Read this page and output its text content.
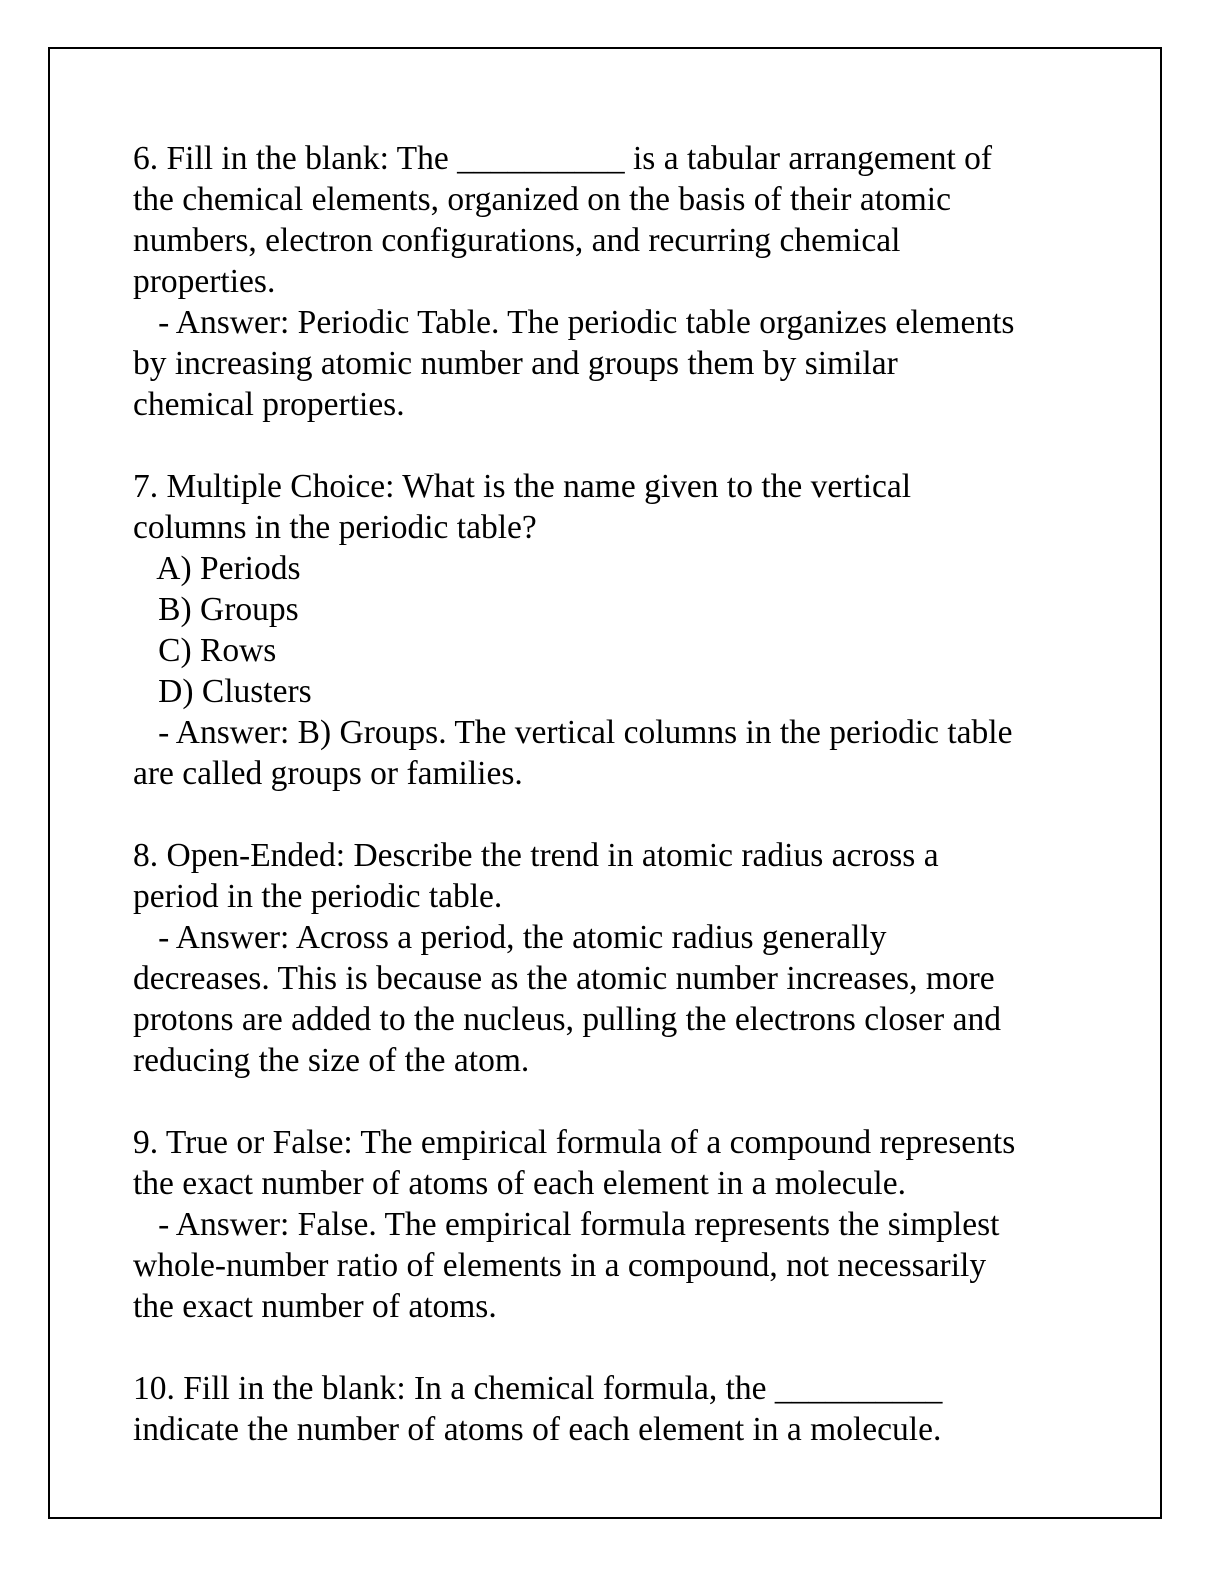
6. Fill in the blank: The __________ is a tabular arrangement of
the chemical elements, organized on the basis of their atomic
numbers, electron configurations, and recurring chemical
properties.
- Answer: Periodic Table. The periodic table organizes elements
by increasing atomic number and groups them by similar
chemical properties.
7. Multiple Choice: What is the name given to the vertical
columns in the periodic table?
A) Periods
B) Groups
C) Rows
D) Clusters
- Answer: B) Groups. The vertical columns in the periodic table
are called groups or families.
8. Open-Ended: Describe the trend in atomic radius across a
period in the periodic table.
- Answer: Across a period, the atomic radius generally
decreases. This is because as the atomic number increases, more
protons are added to the nucleus, pulling the electrons closer and
reducing the size of the atom.
9. True or False: The empirical formula of a compound represents
the exact number of atoms of each element in a molecule.
- Answer: False. The empirical formula represents the simplest
whole-number ratio of elements in a compound, not necessarily
the exact number of atoms.
10. Fill in the blank: In a chemical formula, the __________
indicate the number of atoms of each element in a molecule.
